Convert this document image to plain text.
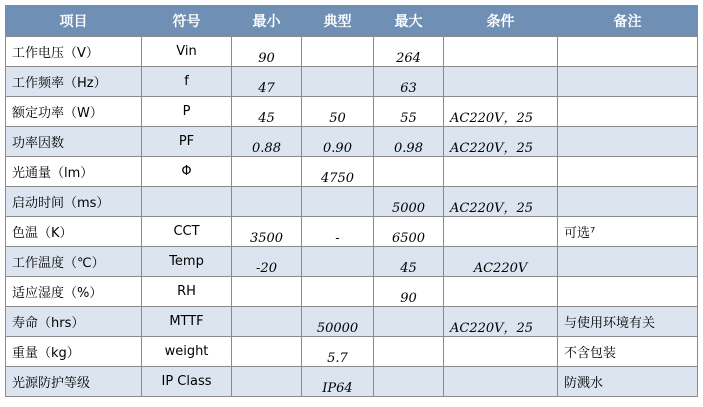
项目	符号	最小	典型	最大	条件	备注
工作电压（V）	Vin	90		264		
工作频率（Hz）	f	47		63		
额定功率（W）	P	45	50	55	AC220V，25	
功率因数	PF	0.88	0.90	0.98	AC220V，25	
光通量（lm）	Φ		4750			
启动时间（ms）				5000	AC220V，25	
色温（K）	CCT	3500	-	6500		可选⁷
工作温度（℃）	Temp	-20		45	AC220V	
适应湿度（%）	RH			90		
寿命（hrs）	MTTF		50000		AC220V，25	与使用环境有关
重量（kg）	weight		5.7			不含包装
光源防护等级	IP Class		IP64			防溅水
